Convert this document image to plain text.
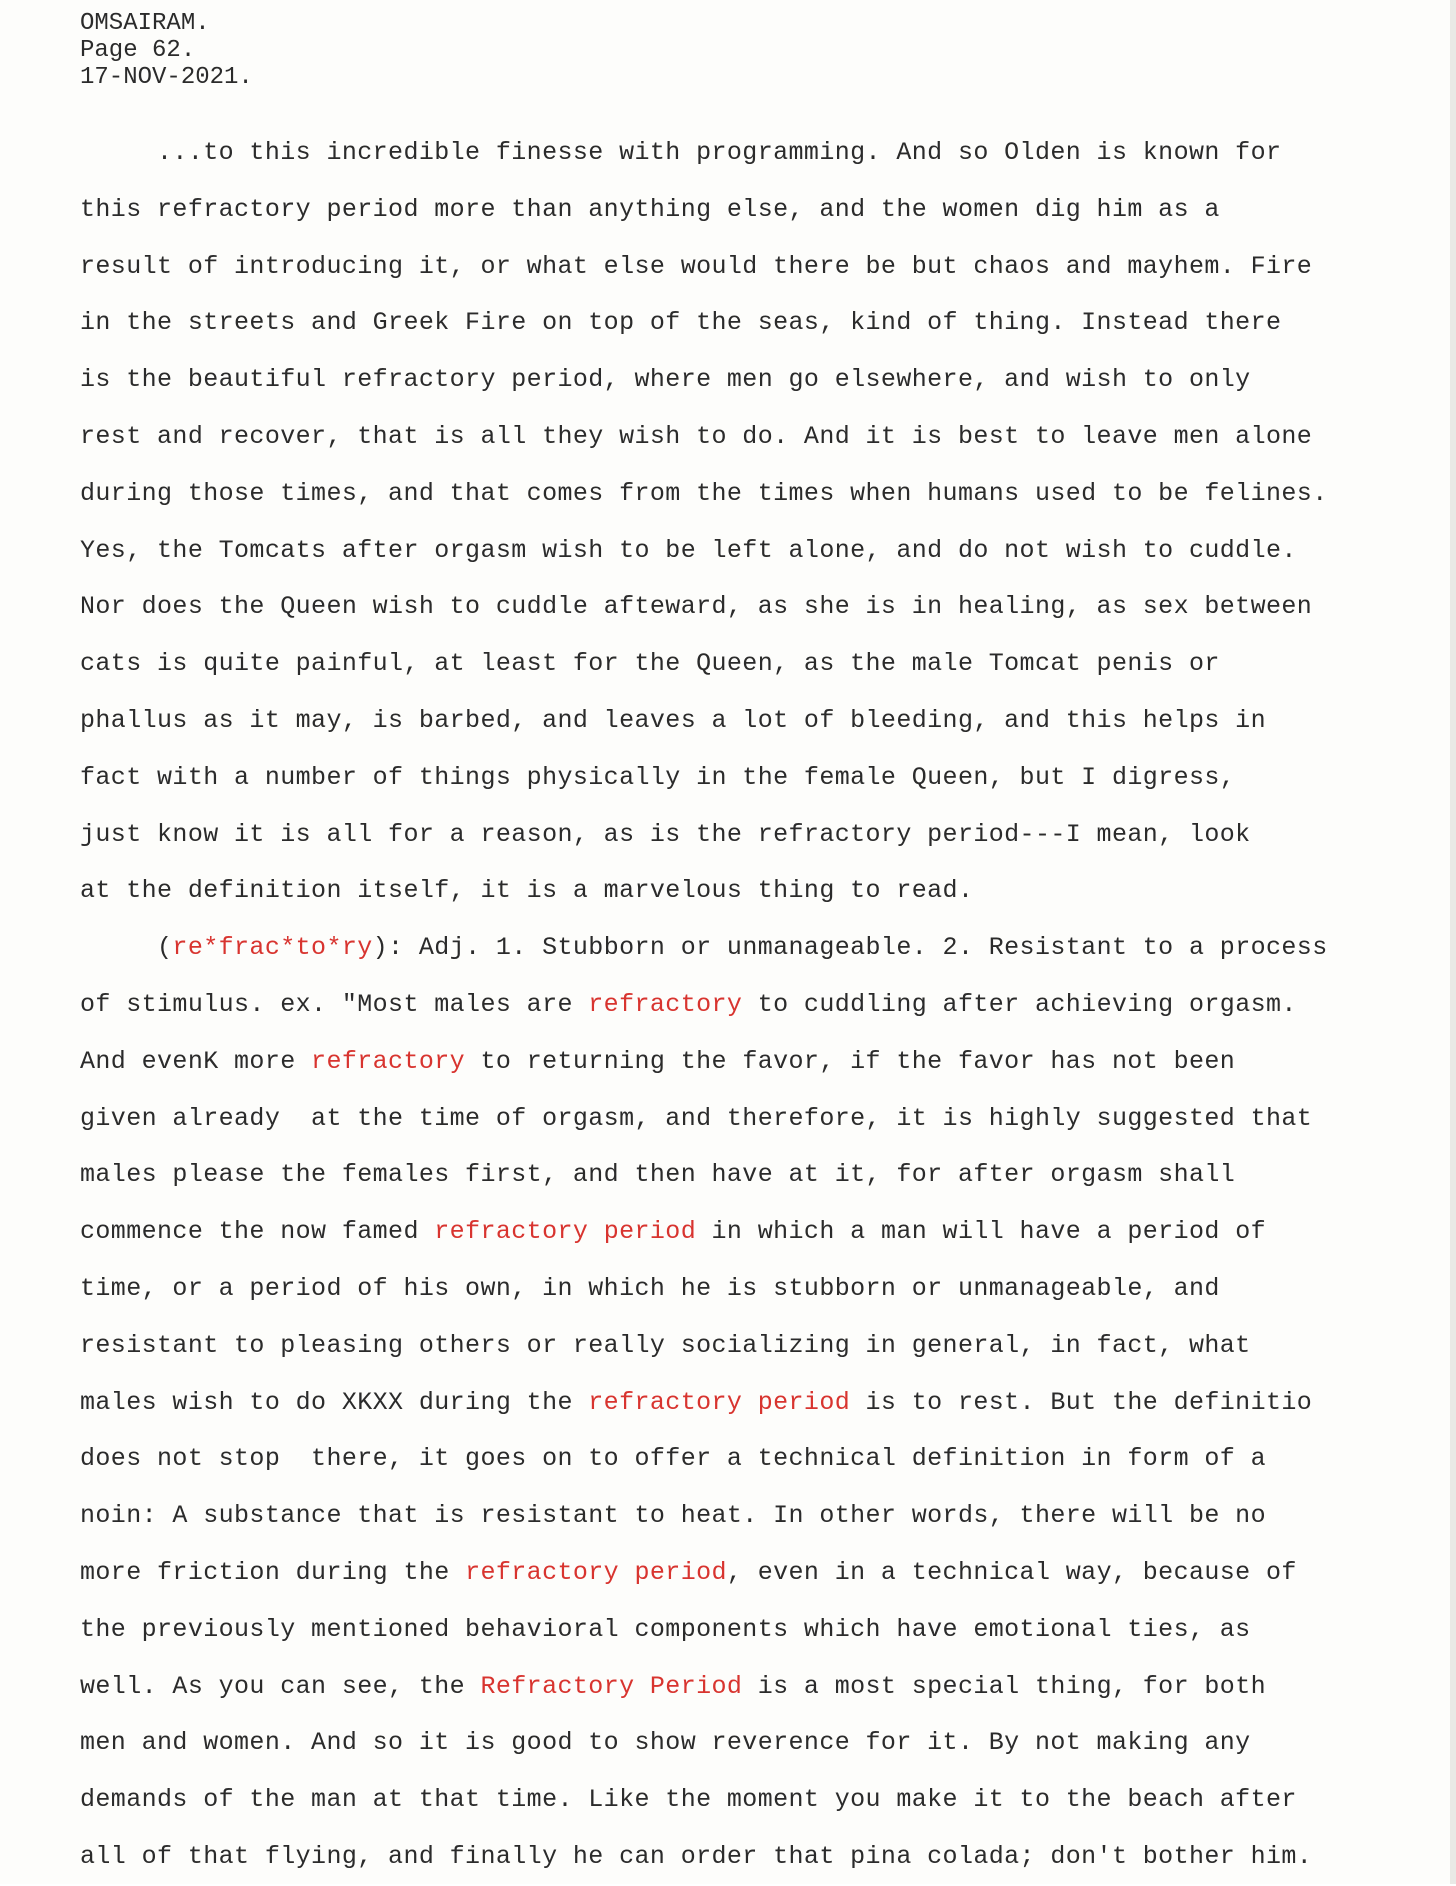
OMSAIRAM.
Page 62.
17-NOV-2021.
...to this incredible finesse with programming. And so Olden is known for
this refractory period more than anything else, and the women dig him as a
result of introducing it, or what else would there be but chaos and mayhem. Fire
in the streets and Greek Fire on top of the seas, kind of thing. Instead there
is the beautiful refractory period, where men go elsewhere, and wish to only
rest and recover, that is all they wish to do. And it is best to leave men alone
during those times, and that comes from the times when humans used to be felines.
Yes, the Tomcats after orgasm wish to be left alone, and do not wish to cuddle.
Nor does the Queen wish to cuddle afteward, as she is in healing, as sex between
cats is quite painful, at least for the Queen, as the male Tomcat penis or
phallus as it may, is barbed, and leaves a lot of bleeding, and this helps in
fact with a number of things physically in the female Queen, but I digress,
just know it is all for a reason, as is the refractory period---I mean, look
at the definition itself, it is a marvelous thing to read.
(re*frac*to*ry): Adj. 1. Stubborn or unmanageable. 2. Resistant to a process
of stimulus. ex. "Most males are refractory to cuddling after achieving orgasm.
And evenK more refractory to returning the favor, if the favor has not been
given already  at the time of orgasm, and therefore, it is highly suggested that
males please the females first, and then have at it, for after orgasm shall
commence the now famed refractory period in which a man will have a period of
time, or a period of his own, in which he is stubborn or unmanageable, and
resistant to pleasing others or really socializing in general, in fact, what
males wish to do XKXX during the refractory period is to rest. But the definitio
does not stop  there, it goes on to offer a technical definition in form of a
noin: A substance that is resistant to heat. In other words, there will be no
more friction during the refractory period, even in a technical way, because of
the previously mentioned behavioral components which have emotional ties, as
well. As you can see, the Refractory Period is a most special thing, for both
men and women. And so it is good to show reverence for it. By not making any
demands of the man at that time. Like the moment you make it to the beach after
all of that flying, and finally he can order that pina colada; don't bother him.
